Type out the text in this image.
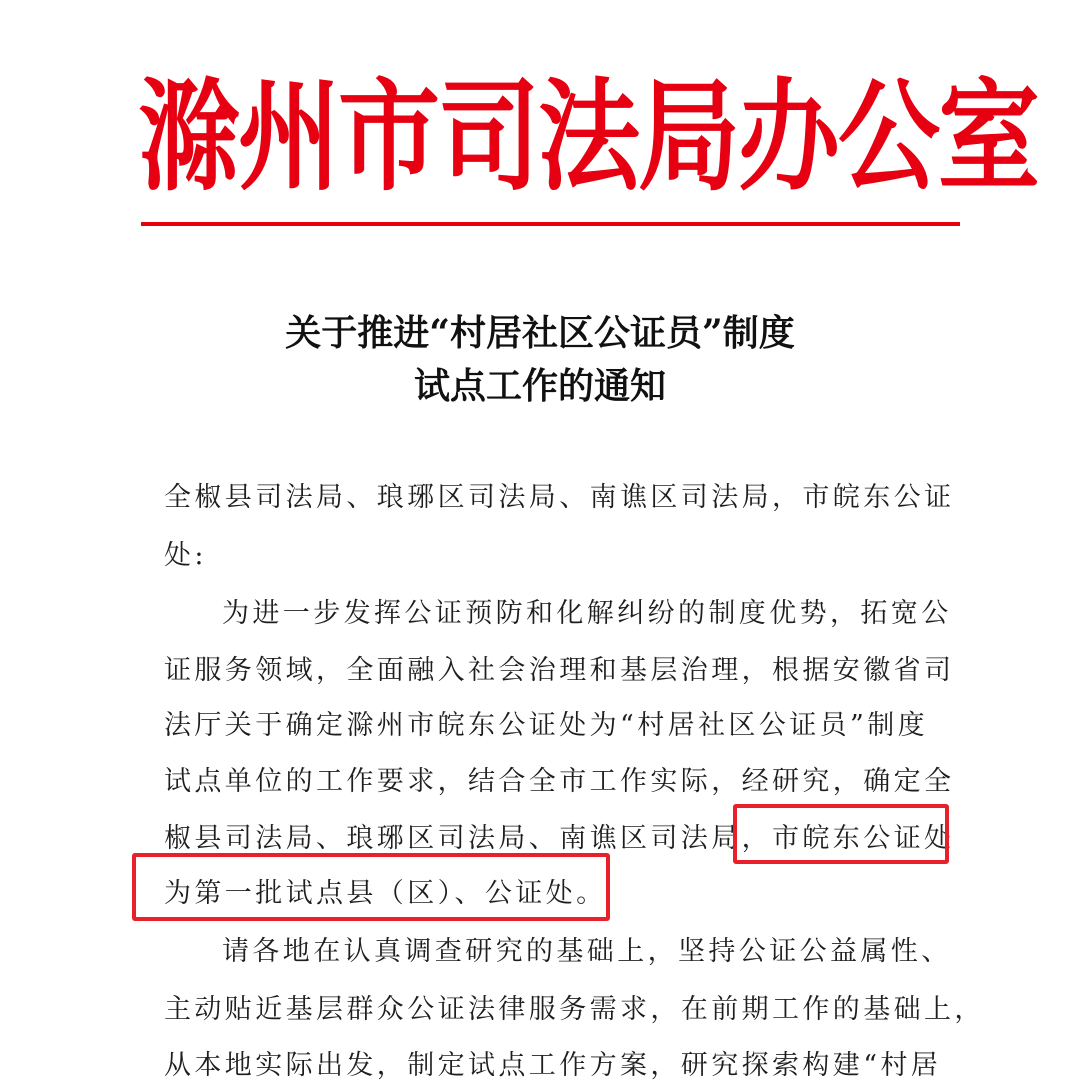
滁州市司法局办公室
关于推进“村居社区公证员”制度
试点工作的通知
全椒县司法局、琅琊区司法局、南谯区司法局，市皖东公证
处:
为进一步发挥公证预防和化解纠纷的制度优势，拓宽公
证服务领域，全面融入社会治理和基层治理，根据安徽省司
法厅关于确定滁州市皖东公证处为“村居社区公证员”制度
试点单位的工作要求，结合全市工作实际，经研究，确定全
椒县司法局、琅琊区司法局、南谯区司法局，市皖东公证处
为第一批试点县（区）、公证处。
请各地在认真调查研究的基础上，坚持公证公益属性、
主动贴近基层群众公证法律服务需求，在前期工作的基础上，
从本地实际出发，制定试点工作方案，研究探索构建“村居
